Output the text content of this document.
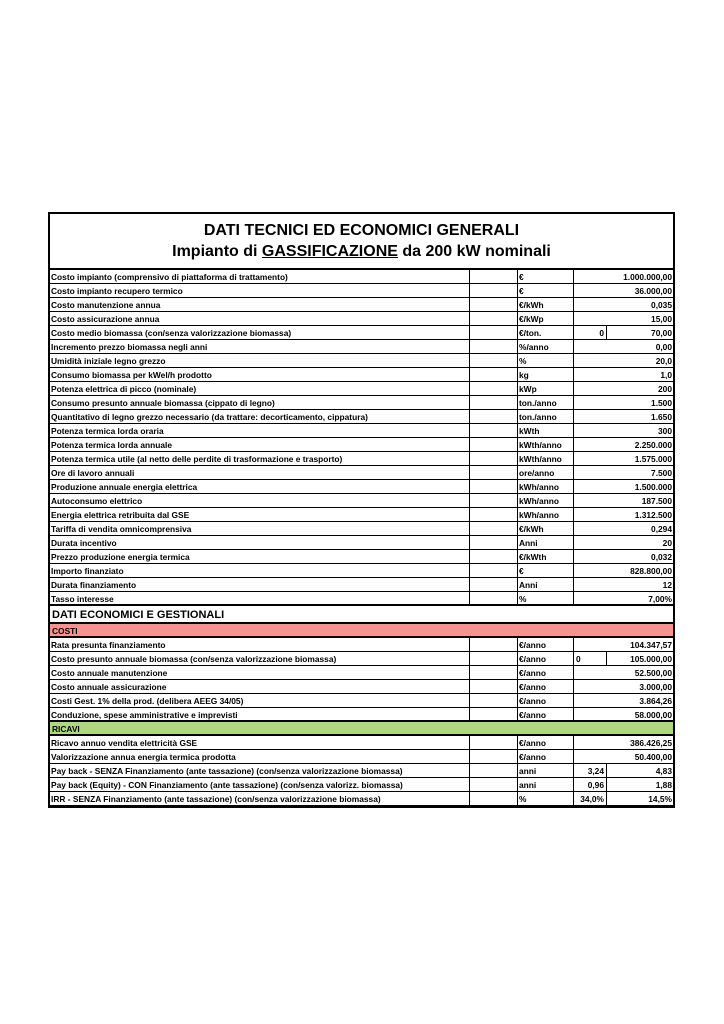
DATI TECNICI ED ECONOMICI GENERALI
Impianto di GASSIFICAZIONE da 200 kW nominali
Costo impianto (comprensivo di piattaforma di trattamento)	€	1.000.000,00
Costo impianto recupero termico	€	36.000,00
Costo manutenzione annua	€/kWh	0,035
Costo assicurazione annua	€/kWp	15,00
Costo medio biomassa (con/senza valorizzazione biomassa)	€/ton.	0	70,00
Incremento prezzo biomassa negli anni	%/anno	0,00
Umidità iniziale legno grezzo	%	20,0
Consumo biomassa per kWel/h prodotto	kg	1,0
Potenza elettrica di picco (nominale)	kWp	200
Consumo presunto annuale biomassa (cippato di legno)	ton./anno	1.500
Quantitativo di legno grezzo necessario (da trattare: decorticamento, cippatura)	ton./anno	1.650
Potenza termica lorda oraria	kWth	300
Potenza termica lorda annuale	kWth/anno	2.250.000
Potenza termica utile (al netto delle perdite di trasformazione e trasporto)	kWth/anno	1.575.000
Ore di lavoro annuali	ore/anno	7.500
Produzione annuale energia elettrica	kWh/anno	1.500.000
Autoconsumo elettrico	kWh/anno	187.500
Energia elettrica retribuita dal GSE	kWh/anno	1.312.500
Tariffa di vendita omnicomprensiva	€/kWh	0,294
Durata incentivo	Anni	20
Prezzo produzione energia termica	€/kWth	0,032
Importo finanziato	€	828.800,00
Durata finanziamento	Anni	12
Tasso interesse	%	7,00%
DATI ECONOMICI E GESTIONALI
COSTI
Rata presunta finanziamento	€/anno	104.347,57
Costo presunto annuale biomassa (con/senza valorizzazione biomassa)	€/anno	0	105.000,00
Costo annuale manutenzione	€/anno	52.500,00
Costo annuale assicurazione	€/anno	3.000,00
Costi Gest. 1% della prod. (delibera AEEG 34/05)	€/anno	3.864,26
Conduzione, spese amministrative e imprevisti	€/anno	58.000,00
RICAVI
Ricavo annuo vendita elettricità GSE	€/anno	386.426,25
Valorizzazione annua energia termica prodotta	€/anno	50.400,00
Pay back - SENZA Finanziamento (ante tassazione) (con/senza valorizzazione biomassa)	anni	3,24	4,83
Pay back (Equity) - CON Finanziamento (ante tassazione) (con/senza valorizz. biomassa)	anni	0,96	1,88
IRR - SENZA Finanziamento (ante tassazione) (con/senza valorizzazione biomassa)	%	34,0%	14,5%
